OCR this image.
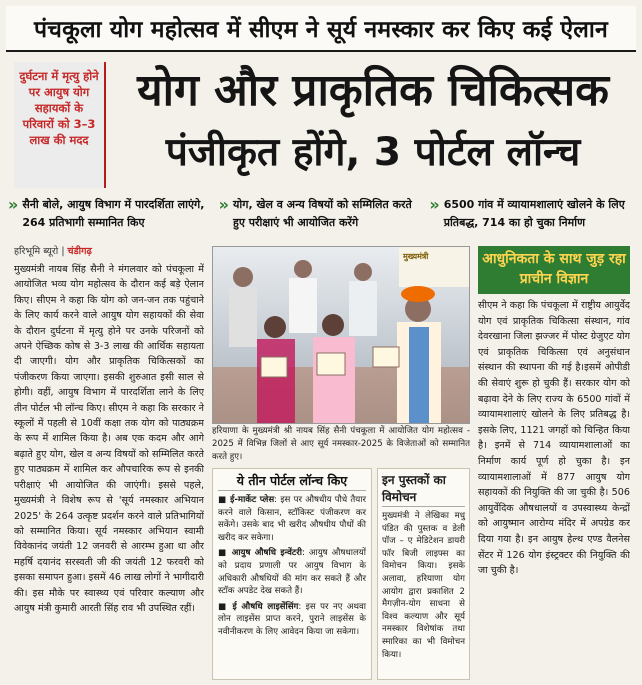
पंचकूला योग महोत्सव में सीएम ने सूर्य नमस्कार कर किए कई ऐलान
दुर्घटना में मृत्यु होने पर आयुष योग सहायकों के परिवारों को 3–3 लाख की मदद
योग और प्राकृतिक चिकित्सक
पंजीकृत होंगे, 3 पोर्टल लॉन्च
» सैनी बोले, आयुष विभाग में पारदर्शिता लाएंगे, 264 प्रतिभागी सम्मानित किए
» योग, खेल व अन्य विषयों को सम्मिलित करते हुए परीक्षाएं भी आयोजित करेंगे
» 6500 गांव में व्यायामशालाएं खोलने के लिए प्रतिबद्ध, 714 का हो चुका निर्माण
हरिभूमि ब्यूरो | चंडीगढ़

मुख्यमंत्री नायब सिंह सैनी ने मंगलवार को पंचकूला में आयोजित भव्य योग महोत्सव के दौरान कई बड़े ऐलान किए। सीएम ने कहा कि योग को जन-जन तक पहुंचाने के लिए कार्य करने वाले आयुष योग सहायकों की सेवा के दौरान दुर्घटना में मृत्यु होने पर उनके परिजनों को अपने ऐच्छिक कोष से 3-3 लाख की आर्थिक सहायता दी जाएगी। योग और प्राकृतिक चिकित्सकों का पंजीकरण किया जाएगा। इसकी शुरुआत इसी साल से होगी। वहीं, आयुष विभाग में पारदर्शिता लाने के लिए तीन पोर्टल भी लॉन्च किए। सीएम ने कहा कि सरकार ने स्कूलों में पहली से 10वीं कक्षा तक योग को पाठ्यक्रम के रूप में शामिल किया है। अब एक कदम और आगे बढ़ाते हुए योग, खेल व अन्य विषयों को सम्मिलित करते हुए पाठ्यक्रम में शामिल कर औपचारिक रूप से इनकी परीक्षाएं भी आयोजित की जाएंगी। इससे पहले, मुख्यमंत्री ने विशेष रूप से 'सूर्य नमस्कार अभियान 2025' के 264 उत्कृष्ट प्रदर्शन करने वाले प्रतिभागियों को सम्मानित किया। सूर्य नमस्कार अभियान स्वामी विवेकानंद जयंती 12 जनवरी से आरम्भ हुआ था और महर्षि दयानंद सरस्वती जी की जयंती 12 फरवरी को इसका समापन हुआ। इसमें 46 लाख लोगों ने भागीदारी की। इस मौके पर स्वास्थ्य एवं परिवार कल्याण और आयुष मंत्री कुमारी आरती सिंह राव भी उपस्थित रहीं।

मुख्यमंत्री
हरियाणा के मुख्यमंत्री श्री नायब सिंह सैनी पंचकूला में आयोजित योग महोत्सव - 2025 में विभिन्न जिलों से आए सूर्य नमस्कार-2025 के विजेताओं को सम्मानित करते हुए।
ये तीन पोर्टल लॉन्च किए
■ ई-मार्केट प्लेस: इस पर औषधीय पौधे तैयार करने वाले किसान, स्टॉकिस्ट पंजीकरण कर सकेंगे। उसके बाद भी खरीद औषधीय पौधों की खरीद कर सकेगा।
■ आयुष औषधि इन्वेंटरी: आयुष औषधालयों को प्रदाय प्रणाली पर आयुष विभाग के अधिकारी औषधियों की मांग कर सकते हैं और स्टॉक अपडेट देख सकते हैं।
■ ई औषधि लाइसेंसिंग: इस पर नए अथवा लोन लाइसेंस प्राप्त करने, पुराने लाइसेंस के नवीनीकरण के लिए आवेदन किया जा सकेगा।
इन पुस्तकों का विमोचन
मुख्यमंत्री ने लेखिका मधु पंडित की पुस्तक व डेली पॉज – ए मेडिटेशन डायरी फॉर बिजी लाइफ्स का विमोचन किया। इसके अलावा, हरियाणा योग आयोग द्वारा प्रकाशित 2 मैगज़ीन-योग साधना से विश्व कल्याण और सूर्य नमस्कार विशेषांक तथा स्मारिका का भी विमोचन किया।
आधुनिकता के साथ जुड़ रहा प्राचीन विज्ञान
सीएम ने कहा कि पंचकूला में राष्ट्रीय आयुर्वेद योग एवं प्राकृतिक चिकित्सा संस्थान, गांव देवरखाना जिला झज्जर में पोस्ट ग्रेजुएट योग एवं प्राकृतिक चिकित्सा एवं अनुसंधान संस्थान की स्थापना की गई है।इसमें ओपीडी की सेवाएं शुरू हो चुकी हैं। सरकार योग को बढ़ावा देने के लिए राज्य के 6500 गांवों में व्यायामशालाएं खोलने के लिए प्रतिबद्ध है।इसके लिए, 1121 जगहों को चिन्हित किया है। इनमें से 714 व्यायामशालाओं का निर्माण कार्य पूर्ण हो चुका है। इन व्यायामशालाओं में 877 आयुष योग सहायकों की नियुक्ति की जा चुकी है। 506 आयुर्वेदिक औषधालयों व उपस्वास्थ्य केन्द्रों को आयुष्मान आरोग्य मंदिर में अपग्रेड कर दिया गया है। इन आयुष हेल्थ एण्ड वैलनेस सेंटर में 126 योग इंस्ट्रक्टर की नियुक्ति की जा चुकी है।
